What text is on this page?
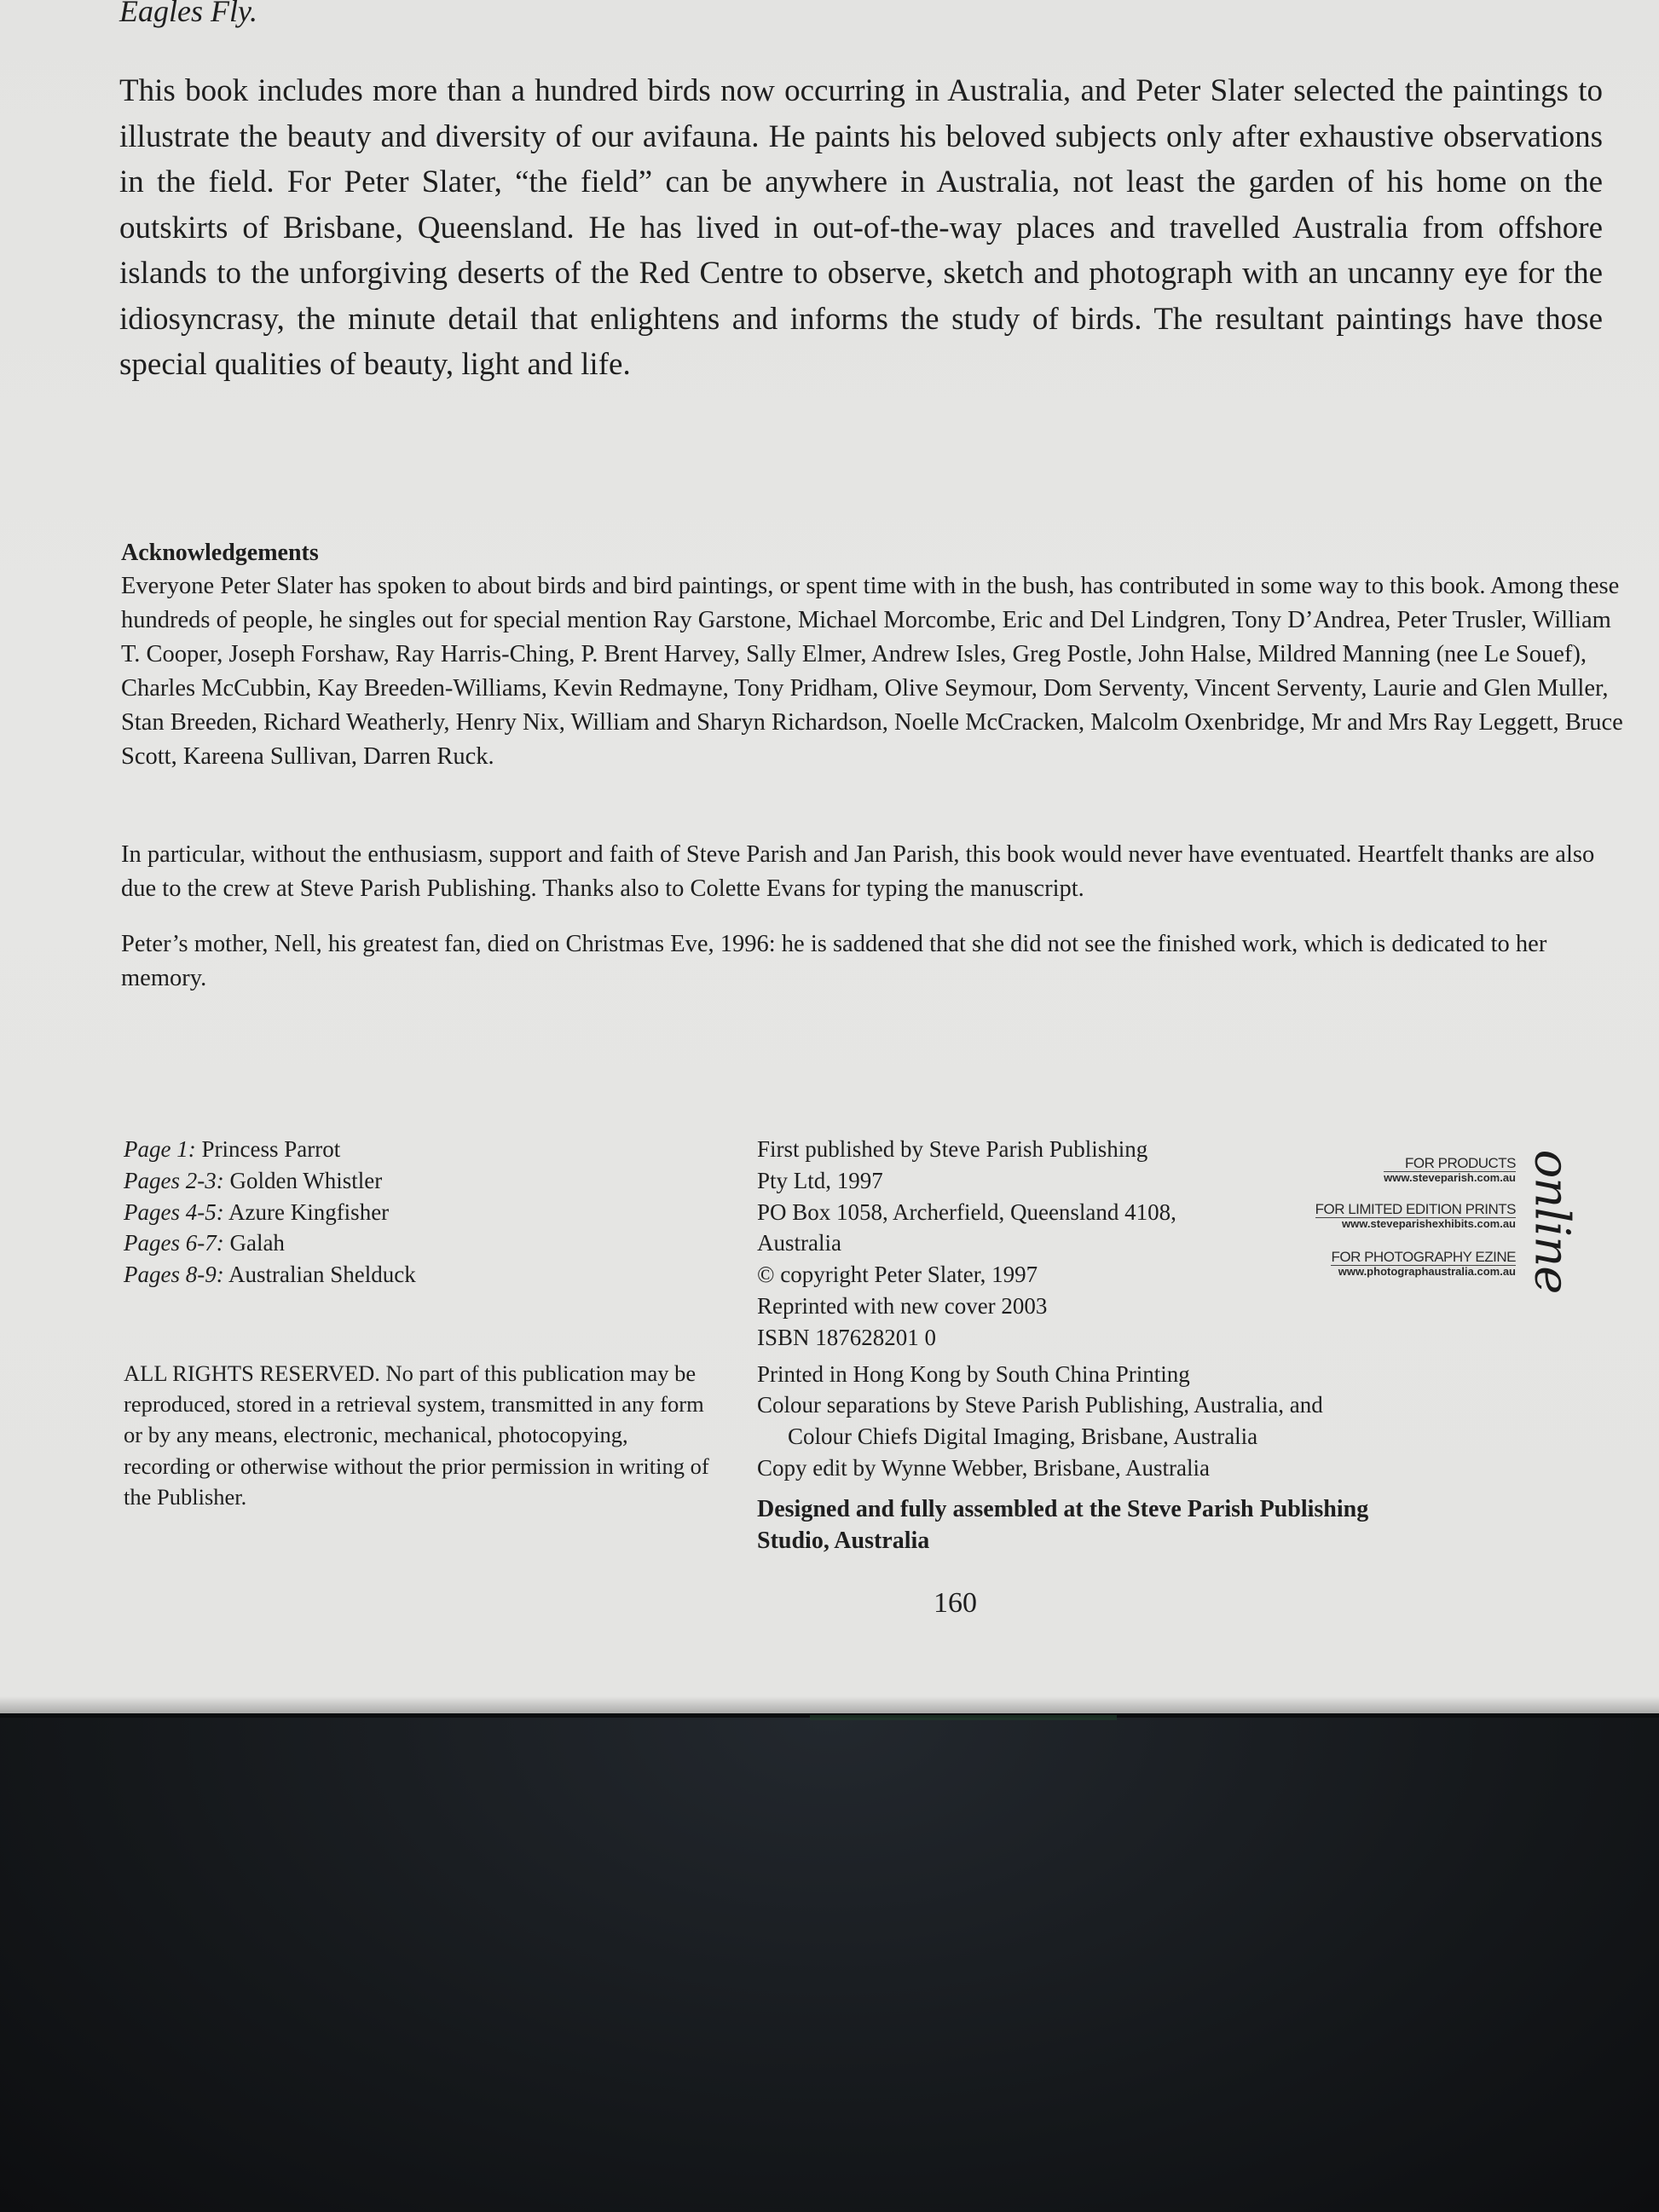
Eagles Fly.

This book includes more than a hundred birds now occurring in Australia, and Peter Slater selected the paintings to illustrate the beauty and diversity of our avifauna. He paints his beloved subjects only after exhaustive observations in the field. For Peter Slater, “the field” can be anywhere in Australia, not least the garden of his home on the outskirts of Brisbane, Queensland. He has lived in out-of-the-way places and travelled Australia from offshore islands to the unforgiving deserts of the Red Centre to observe, sketch and photograph with an uncanny eye for the idiosyncrasy, the minute detail that enlightens and informs the study of birds. The resultant paintings have those special qualities of beauty, light and life.

Acknowledgements

Everyone Peter Slater has spoken to about birds and bird paintings, or spent time with in the bush, has contributed in some way to this book. Among these hundreds of people, he singles out for special mention Ray Garstone, Michael Morcombe, Eric and Del Lindgren, Tony D’Andrea, Peter Trusler, William T. Cooper, Joseph Forshaw, Ray Harris-Ching, P. Brent Harvey, Sally Elmer, Andrew Isles, Greg Postle, John Halse, Mildred Manning (nee Le Souef), Charles McCubbin, Kay Breeden-Williams, Kevin Redmayne, Tony Pridham, Olive Seymour, Dom Serventy, Vincent Serventy, Laurie and Glen Muller, Stan Breeden, Richard Weatherly, Henry Nix, William and Sharyn Richardson, Noelle McCracken, Malcolm Oxenbridge, Mr and Mrs Ray Leggett, Bruce Scott, Kareena Sullivan, Darren Ruck.

In particular, without the enthusiasm, support and faith of Steve Parish and Jan Parish, this book would never have eventuated. Heartfelt thanks are also due to the crew at Steve Parish Publishing. Thanks also to Colette Evans for typing the manuscript.

Peter’s mother, Nell, his greatest fan, died on Christmas Eve, 1996: he is saddened that she did not see the finished work, which is dedicated to her memory.

Page 1: Princess Parrot
Pages 2-3: Golden Whistler
Pages 4-5: Azure Kingfisher
Pages 6-7: Galah
Pages 8-9: Australian Shelduck

ALL RIGHTS RESERVED. No part of this publication may be reproduced, stored in a retrieval system, transmitted in any form or by any means, electronic, mechanical, photocopying, recording or otherwise without the prior permission in writing of the Publisher.

First published by Steve Parish Publishing
Pty Ltd, 1997
PO Box 1058, Archerfield, Queensland 4108,
Australia
© copyright Peter Slater, 1997
Reprinted with new cover 2003
ISBN 187628201 0
Printed in Hong Kong by South China Printing
Colour separations by Steve Parish Publishing, Australia, and
Colour Chiefs Digital Imaging, Brisbane, Australia
Copy edit by Wynne Webber, Brisbane, Australia
Designed and fully assembled at the Steve Parish Publishing
Studio, Australia
FOR PRODUCTS
www.steveparish.com.au
FOR LIMITED EDITION PRINTS
www.steveparishexhibits.com.au
FOR PHOTOGRAPHY EZINE
www.photographaustralia.com.au online
160
